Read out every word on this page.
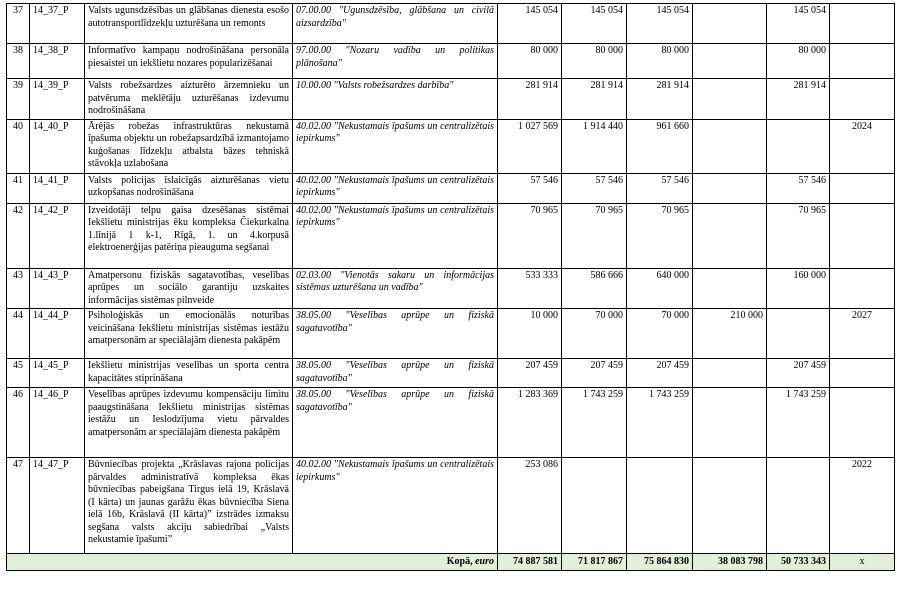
37	14_37_P	Valsts ugunsdzēsības un glābšanas dienesta esošo autotransportlīdzekļu uzturēšana un remonts	07.00.00 "Ugunsdzēsība, glābšana un civilā aizsardzība"	145 054	145 054	145 054		145 054	
38	14_38_P	Informatīvo kampaņu nodrošināšana personāla piesaistei un iekšlietu nozares popularizēšanai	97.00.00 "Nozaru vadība un politikas plānošana"	80 000	80 000	80 000		80 000	
39	14_39_P	Valsts robežsardzes aizturēto ārzemnieku un patvēruma meklētāju uzturēšanas izdevumu nodrošināšana	10.00.00 "Valsts robežsardzes darbība"	281 914	281 914	281 914		281 914	
40	14_40_P	Ārējās robežas infrastruktūras nekustamā īpašuma objektu un robežapsardzībā izmantojamo kuģošanas līdzekļu atbalsta bāzes tehniskā stāvokļa uzlabošana	40.02.00 "Nekustamais īpašums un centralizētais iepirkums"	1 027 569	1 914 440	961 660			2024
41	14_41_P	Valsts policijas īslaicīgās aizturēšanas vietu uzkopšanas nodrošināšana	40.02.00 "Nekustamais īpašums un centralizētais iepirkums"	57 546	57 546	57 546		57 546	
42	14_42_P	Izveidotāji telpu gaisa dzesēšanas sistēmai Iekšlietu ministrijas ēku kompleksa Čiekurkalna 1.līnijā 1 k-1, Rīgā, 1. un 4.korpusā elektroenerģijas patēriņa pieauguma segšanai	40.02.00 "Nekustamais īpašums un centralizētais iepirkums"	70 965	70 965	70 965		70 965	
43	14_43_P	Amatpersonu fiziskās sagatavotības, veselības aprūpes un sociālo garantiju uzskaites informācijas sistēmas pilnveide	02.03.00 "Vienotās sakaru un informācijas sistēmas uzturēšana un vadība"	533 333	586 666	640 000		160 000	
44	14_44_P	Psiholoģiskās un emocionālās noturības veicināšana Iekšlietu ministrijas sistēmas iestāžu amatpersonām ar speciālajām dienesta pakāpēm	38.05.00 "Veselības aprūpe un fiziskā sagatavotība"	10 000	70 000	70 000	210 000		2027
45	14_45_P	Iekšlietu ministrijas veselības un sporta centra kapacitātes stiprināšana	38.05.00 "Veselības aprūpe un fiziskā sagatavotība"	207 459	207 459	207 459		207 459	
46	14_46_P	Veselības aprūpes izdevumu kompensāciju limitu paaugstināšana Iekšlietu ministrijas sistēmas iestāžu un Ieslodzījuma vietu pārvaldes amatpersonām ar speciālajām dienesta pakāpēm	38.05.00 "Veselības aprūpe un fiziskā sagatavotība"	1 283 369	1 743 259	1 743 259		1 743 259	
47	14_47_P	Būvniecības projekta „Krāslavas rajona policijas pārvaldes administratīvā kompleksa ēkas būvniecības pabeigšana Tirgus ielā 19, Krāslavā (I kārta) un jaunas garāžu ēkas būvniecība Siena ielā 16b, Krāslavā (II kārta)” izstrādes izmaksu segšana valsts akciju sabiedrībai „Valsts nekustamie īpašumi”	40.02.00 "Nekustamais īpašums un centralizētais iepirkums"	253 086					2022
Kopā, euro				74 887 581	71 817 867	75 864 830	38 083 798	50 733 343	x
